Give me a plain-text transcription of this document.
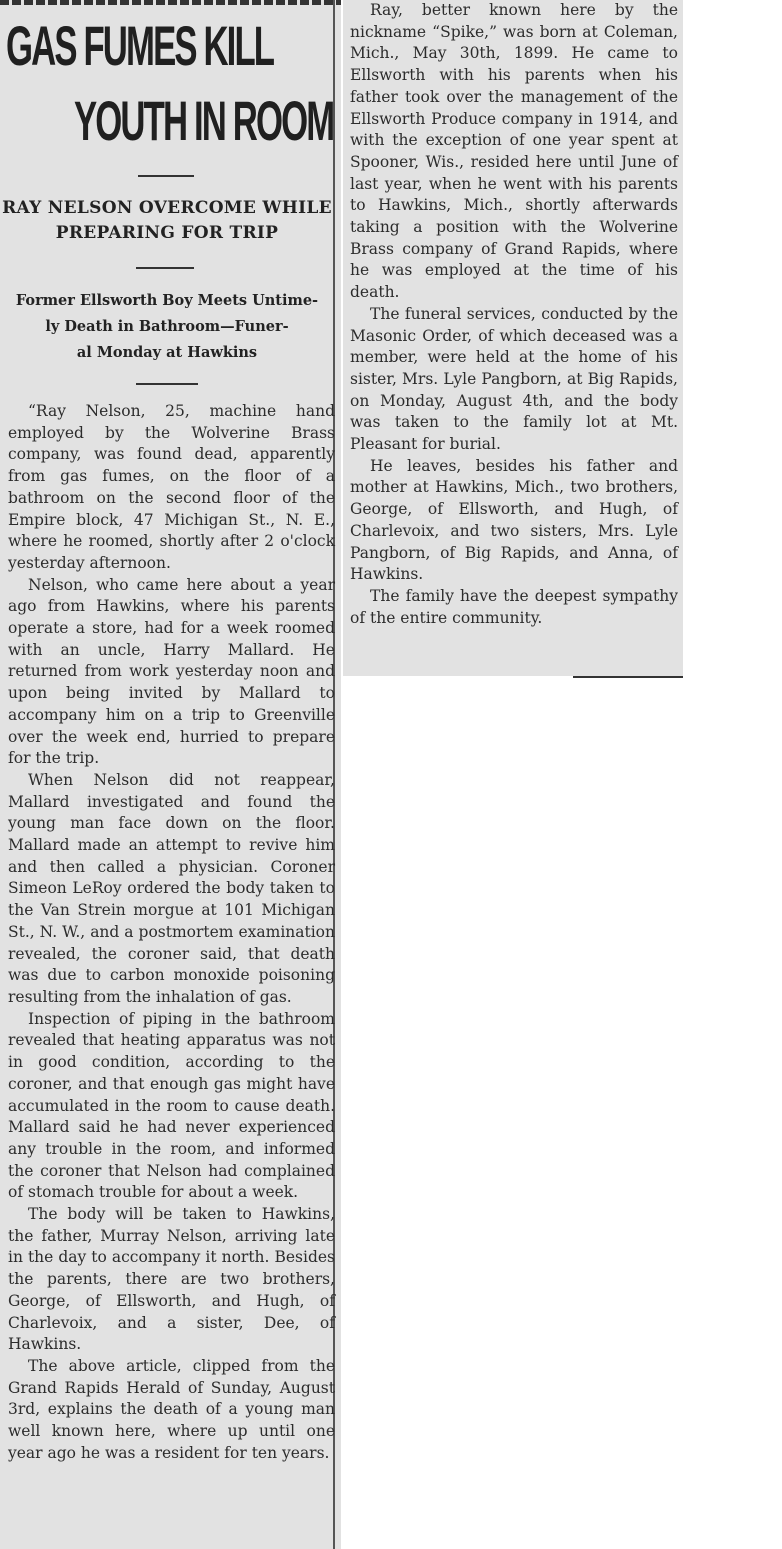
GAS FUMES KILL
YOUTH IN ROOM
RAY NELSON OVERCOME WHILE
PREPARING FOR TRIP
Former Ellsworth Boy Meets Untime-
ly Death in Bathroom—Funer-
al Monday at Hawkins

“Ray Nelson, 25, machine hand employed by the Wolverine Brass company, was found dead, apparently from gas fumes, on the floor of a bathroom on the second floor of the Empire block, 47 Michigan St., N. E., where he roomed, shortly after 2 o'clock yesterday afternoon.

Nelson, who came here about a year ago from Hawkins, where his parents operate a store, had for a week roomed with an uncle, Harry Mallard. He returned from work yesterday noon and upon being invited by Mallard to accompany him on a trip to Greenville over the week end, hurried to prepare for the trip.

When Nelson did not reappear, Mallard investigated and found the young man face down on the floor. Mallard made an attempt to revive him and then called a physician. Coroner Simeon LeRoy ordered the body taken to the Van Strein morgue at 101 Michigan St., N. W., and a postmortem examination revealed, the coroner said, that death was due to carbon monoxide poisoning resulting from the inhalation of gas.

Inspection of piping in the bathroom revealed that heating apparatus was not in good condition, according to the coroner, and that enough gas might have accumulated in the room to cause death. Mallard said he had never experienced any trouble in the room, and informed the coroner that Nelson had complained of stomach trouble for about a week.

The body will be taken to Hawkins, the father, Murray Nelson, arriving late in the day to accompany it north. Besides the parents, there are two brothers, George, of Ellsworth, and Hugh, of Charlevoix, and a sister, Dee, of Hawkins.

The above article, clipped from the Grand Rapids Herald of Sunday, August 3rd, explains the death of a young man well known here, where up until one year ago he was a resident for ten years.

Ray, better known here by the nickname “Spike,” was born at Coleman, Mich., May 30th, 1899. He came to Ellsworth with his parents when his father took over the management of the Ellsworth Produce company in 1914, and with the exception of one year spent at Spooner, Wis., resided here until June of last year, when he went with his parents to Hawkins, Mich., shortly afterwards taking a position with the Wolverine Brass company of Grand Rapids, where he was employed at the time of his death.

The funeral services, conducted by the Masonic Order, of which deceased was a member, were held at the home of his sister, Mrs. Lyle Pangborn, at Big Rapids, on Monday, August 4th, and the body was taken to the family lot at Mt. Pleasant for burial.

He leaves, besides his father and mother at Hawkins, Mich., two brothers, George, of Ellsworth, and Hugh, of Charlevoix, and two sisters, Mrs. Lyle Pangborn, of Big Rapids, and Anna, of Hawkins.

The family have the deepest sympathy of the entire community.
